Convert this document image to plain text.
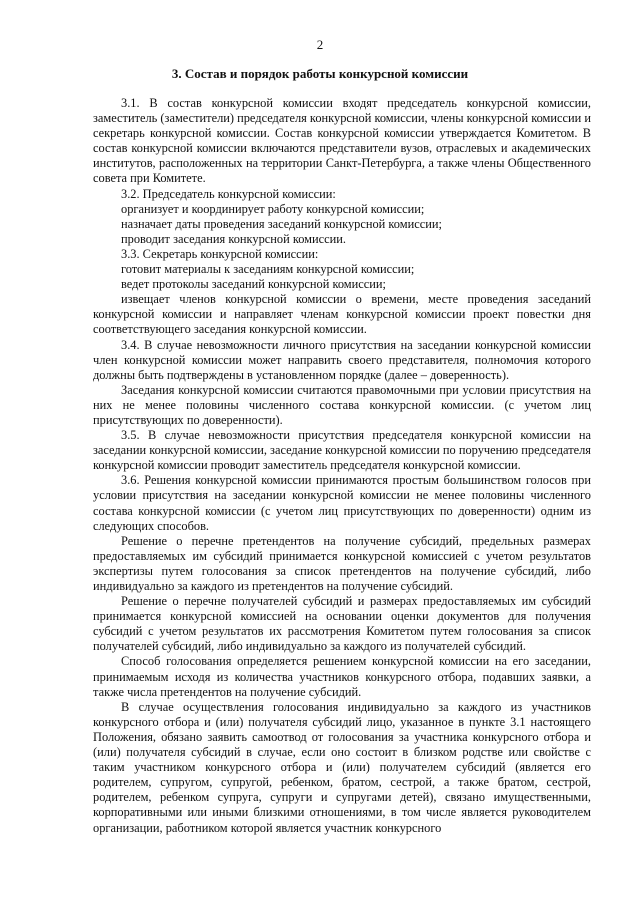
2
3. Состав и порядок работы конкурсной комиссии

3.1. В состав конкурсной комиссии входят председатель конкурсной комиссии, заместитель (заместители) председателя конкурсной комиссии, члены конкурсной комиссии и секретарь конкурсной комиссии. Состав конкурсной комиссии утверждается Комитетом. В состав конкурсной комиссии включаются представители вузов, отраслевых и академических институтов, расположенных на территории Санкт-Петербурга, а также члены Общественного совета при Комитете.

3.2. Председатель конкурсной комиссии:

организует и координирует работу конкурсной комиссии;

назначает даты проведения заседаний конкурсной комиссии;

проводит заседания конкурсной комиссии.

3.3. Секретарь конкурсной комиссии:

готовит материалы к заседаниям конкурсной комиссии;

ведет протоколы заседаний конкурсной комиссии;

извещает членов конкурсной комиссии о времени, месте проведения заседаний конкурсной комиссии и направляет членам конкурсной комиссии проект повестки дня соответствующего заседания конкурсной комиссии.

3.4. В случае невозможности личного присутствия на заседании конкурсной комиссии член конкурсной комиссии может направить своего представителя, полномочия которого должны быть подтверждены в установленном порядке (далее – доверенность).

Заседания конкурсной комиссии считаются правомочными при условии присутствия на них не менее половины численного состава конкурсной комиссии. (с учетом лиц присутствующих по доверенности).

3.5. В случае невозможности присутствия председателя конкурсной комиссии на заседании конкурсной комиссии, заседание конкурсной комиссии по поручению председателя конкурсной комиссии проводит заместитель председателя конкурсной комиссии.

3.6. Решения конкурсной комиссии принимаются простым большинством голосов при условии присутствия на заседании конкурсной комиссии не менее половины численного состава конкурсной комиссии (с учетом лиц присутствующих по доверенности) одним из следующих способов.

Решение о перечне претендентов на получение субсидий, предельных размерах предоставляемых им субсидий принимается конкурсной комиссией с учетом результатов экспертизы путем голосования за список претендентов на получение субсидий, либо индивидуально за каждого из претендентов на получение субсидий.

Решение о перечне получателей субсидий и размерах предоставляемых им субсидий принимается конкурсной комиссией на основании оценки документов для получения субсидий с учетом результатов их рассмотрения Комитетом путем голосования за список получателей субсидий, либо индивидуально за каждого из получателей субсидий.

Способ голосования определяется решением конкурсной комиссии на его заседании, принимаемым исходя из количества участников конкурсного отбора, подавших заявки, а также числа претендентов на получение субсидий.

В случае осуществления голосования индивидуально за каждого из участников конкурсного отбора и (или) получателя субсидий лицо, указанное в пункте 3.1 настоящего Положения, обязано заявить самоотвод от голосования за участника конкурсного отбора и (или) получателя субсидий в случае, если оно состоит в близком родстве или свойстве с таким участником конкурсного отбора и (или) получателем субсидий (является его родителем, супругом, супругой, ребенком, братом, сестрой, а также братом, сестрой, родителем, ребенком супруга, супруги и супругами детей), связано имущественными, корпоративными или иными близкими отношениями, в том числе является руководителем организации, работником которой является участник конкурсного
